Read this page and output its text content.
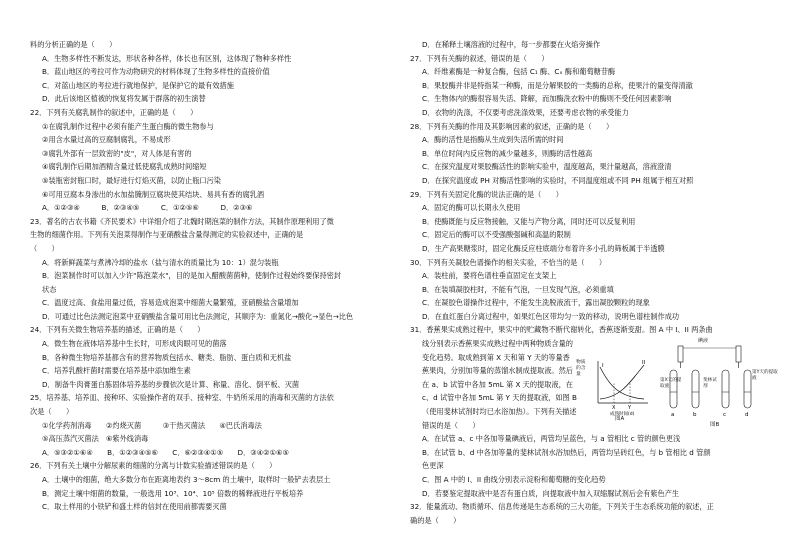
料的分析正确的是（　　）
A．生物多样性不断发达，形状各种各样，体长也有区别，这体现了物种多样性
B．蓝山地区的考拉可作为动物研究的材料体现了生物多样性的直接价值
C．对蓝山地区的考拉进行就地保护，是保护它的最有效措施
D．此后该地区植被的恢复将发属于群落的初生演替
22．下列有关腐乳制作的叙述中，正确的是（　　）
①在腐乳制作过程中必须有能产生蛋白酶的微生物参与
②用含水量过高的豆腐制腐乳，不易成形
③腐乳外部有一层致密的"皮"，对人体是有害的
④腐乳制作后期加酒精含量过低使腐乳成熟时间缩短
⑤装瓶密封瓶口时，最好进行灯焰灭菌，以防止瓶口污染
⑥可用豆腐本身渗出的水加盐腌制豆腐块使其结块、易具有香的腐乳酒
A．①②③④　　　B．②③④⑤　　　C．①②⑤⑥　　　D．②③⑥
23．著名的古农书籍《齐民要术》中详细介绍了北魏时期泡菜的制作方法，其制作原理利用了微
生物的细菌作用。下列有关泡菜得制作与亚硝酸盐含量得测定的实验叙述中，正确的是
（　　）
A．将新鲜蔬菜与煮沸冷却的盐水（盐与清水的质量比为 10：1）混匀装瓶
B．泡菜制作时可以加入少许"陈泡菜水"，目的是加入醋酸菌菌种，使制作过程始终要保持密封
状态
C．温度过高、食盐用量过低，容易造成泡菜中细菌大量繁殖，亚硝酸盐含量增加
D．可通过比色法测定泡菜中亚硝酸盐含量可用比色法测定，其顺序为：重氮化→酸化→显色→比色
24．下列有关微生物培养基的描述，正确的是（　　）
A．微生物在液体培养基中生长时，可形成肉眼可见的菌落
B．各种微生物培养基都含有的营养物质包括水、糖类、脂肪、蛋白质和无机盐
C．培养乳酸杆菌时需要在培养基中添加维生素
D．制备牛肉膏蛋白胨固体培养基的步骤依次是计算、称量、溶化、倒平板、灭菌
25．培养基、培养皿、接种环、实验操作者的双手、接种室、牛奶所采用的消毒和灭菌的方法依
次是（　　）
①化学药剂消毒　　②灼烧灭菌　　　③干热灭菌法　　④巴氏消毒法
⑤高压蒸汽灭菌法　⑥紫外线消毒
A．⑤③②①⑥④　　B．①②③④⑤⑥　　C．⑥②③④①⑤　　D．③④②①⑥⑤
26．下列有关土壤中分解尿素的细菌的分离与计数实验描述错误的是（　　）
A．土壤中的细菌，绝大多数分布在距离地表约 3～8cm 的土壤中，取样时一般铲去表层土
B．测定土壤中细菌的数量，一般选用 10³、10⁴、10⁵ 倍数的稀释液进行平板培养
C．取土样用的小铁铲和盛土样的信封在使用前都需要灭菌
D．在稀释土壤溶液的过程中，每一步都要在火焰旁操作
27．下列有关酶的叙述，错误的是（　　）
A．纤维素酶是一种复合酶，包括 C₁ 酶、Cₓ 酶和葡萄糖苷酶
B．果胶酶并非是特指某一种酶，而是分解果胶的一类酶的总称，使果汁的量变得清澈
C．生物体内的酶很容易失活、降解，而加酶洗衣粉中的酶则不受任何因素影响
D．衣物的洗涤，不仅要考虑洗涤效果，还要考虑衣物的承受能力
28．下列有关酶的作用及其影响因素的叙述，正确的是（　　）
A．酶的活性是指酶从生成到失活所需的时间
B．单位时间内反应物的减少量越多，则酶的活性越高
C．在探究温度对果胶酶活性的影响实验中，温度越高，果汁量越高，溶液澄清
D．在探究温度或 PH 对酶活性影响的实验时，不同温度组或不同 PH 组属于相互对照
29．下列有关固定化酶的说法正确的是（　　）
A．固定的酶可以长期永久使用
B．使酶既能与反应物接触，又能与产物分离，同时还可以反复利用
C．固定后的酶可以不受强酸强碱和高温的限制
D．生产高果糖浆时，固定化酶反应柱底端分布着许多小孔的筛板属于半透膜
30．下列有关凝胶色谱操作的相关实验，不恰当的是（　　）
A．装柱前，要将色谱柱垂直固定在支架上
B．在装填凝胶柱时，不能有气泡，一旦发现气泡，必须重填
C．在凝胶色谱操作过程中，不能发生洗脱液流干，露出凝胶颗粒的现象
D．在血红蛋白分离过程中，如果红色区带均匀一致的移动，说明色谱柱制作成功
31．香蕉果实成熟过程中，果实中的贮藏物不断代谢转化，香蕉逐渐变甜。图 A 中 I、II 两条曲
线分别表示香蕉果实成熟过程中两种物质含量的
变化趋势。取成熟到第 X 天和第 Y 天的等量香
蕉果肉，分别加等量的蒸馏水制成提取液。然后
在 a、b 试管中各加 5mL 第 X 天的提取液，在
c、d 试管中各加 5mL 第 Y 天的提取液，如图 B
（使用斐林试剂时均已水浴加热）。下列有关描述
错误的是（　　）
A．在试管 a、c 中各加等量碘液后，两管均呈蓝色，与 a 管相比 c 管的颜色更浅
B．在试管 b、d 中各加等量的斐林试剂水浴加热后，两管均呈砖红色，与 b 管相比 d 管颜
色更深
C．图 A 中的 I、II 曲线分别表示淀粉和葡萄糖的变化趋势
D．若要鉴定提取液中是否有蛋白质，向提取液中加入双缩脲试剂后会有紫色产生
32．能量流动、物质循环、信息传递是生态系统的三大功能，下列关于生态系统功能的叙述，正
确的是（　　）
I	II
X	Y
成熟时间(d)
物质的含量
图A
a	b	c	d
碘液
第X天的提取液
斐林试剂
第Y天的提取液
图B
